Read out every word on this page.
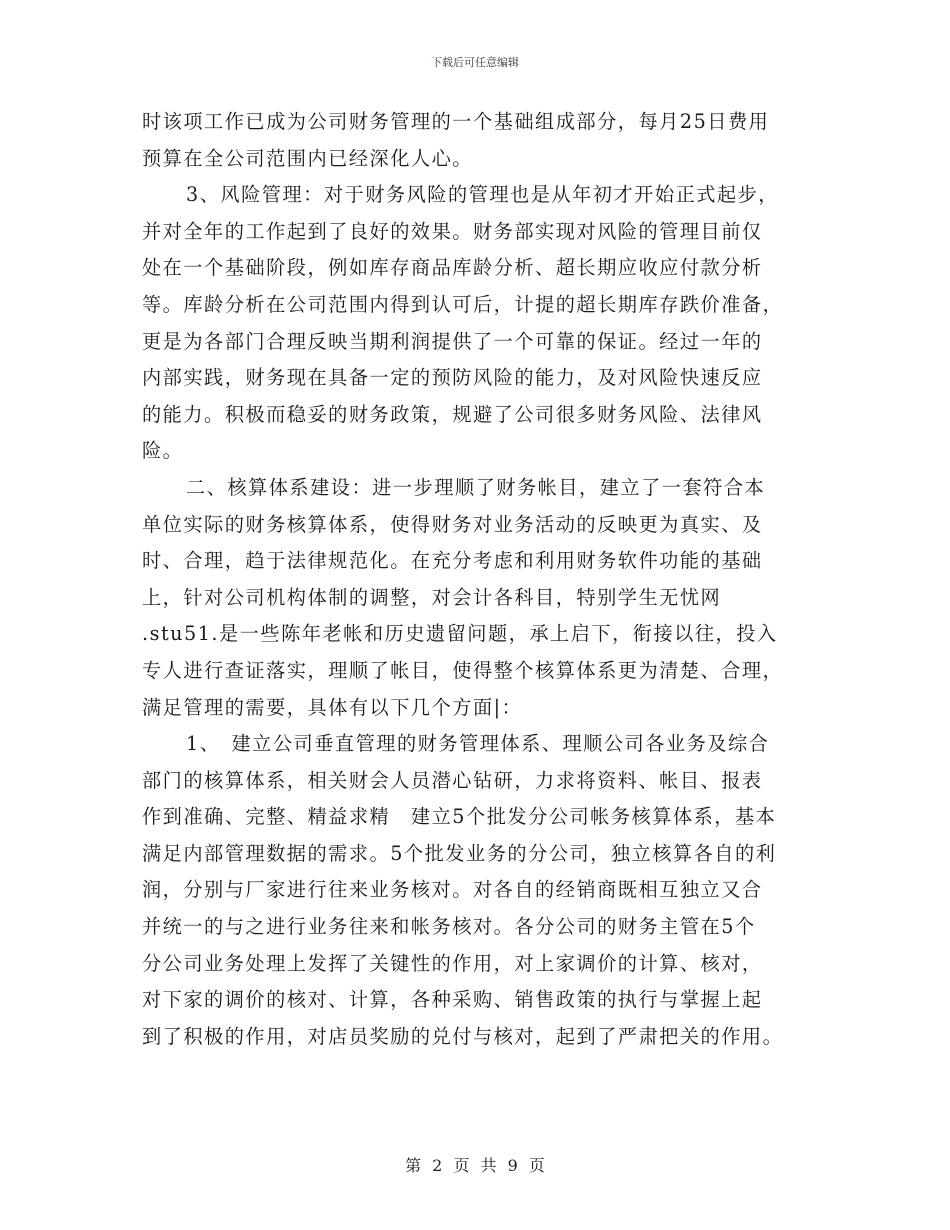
下载后可任意编辑
时该项工作已成为公司财务管理的一个基础组成部分，每月25日费用
预算在全公司范围内已经深化人心。
3、风险管理：对于财务风险的管理也是从年初才开始正式起步，
并对全年的工作起到了良好的效果。财务部实现对风险的管理目前仅
处在一个基础阶段，例如库存商品库龄分析、超长期应收应付款分析
等。库龄分析在公司范围内得到认可后，计提的超长期库存跌价准备，
更是为各部门合理反映当期利润提供了一个可靠的保证。经过一年的
内部实践，财务现在具备一定的预防风险的能力，及对风险快速反应
的能力。积极而稳妥的财务政策，规避了公司很多财务风险、法律风
险。
二、核算体系建设：进一步理顺了财务帐目，建立了一套符合本
单位实际的财务核算体系，使得财务对业务活动的反映更为真实、及
时、合理，趋于法律规范化。在充分考虑和利用财务软件功能的基础
上，针对公司机构体制的调整，对会计各科目，特别学生无忧网
.stu51.是一些陈年老帐和历史遗留问题，承上启下，衔接以往，投入
专人进行查证落实，理顺了帐目，使得整个核算体系更为清楚、合理，
满足管理的需要，具体有以下几个方面|：
1、　建立公司垂直管理的财务管理体系、理顺公司各业务及综合
部门的核算体系，相关财会人员潜心钻研，力求将资料、帐目、报表
作到准确、完整、精益求精　建立5个批发分公司帐务核算体系，基本
满足内部管理数据的需求。5个批发业务的分公司，独立核算各自的利
润，分别与厂家进行往来业务核对。对各自的经销商既相互独立又合
并统一的与之进行业务往来和帐务核对。各分公司的财务主管在5个
分公司业务处理上发挥了关键性的作用，对上家调价的计算、核对，
对下家的调价的核对、计算，各种采购、销售政策的执行与掌握上起
到了积极的作用，对店员奖励的兑付与核对，起到了严肃把关的作用。
第 2 页 共 9 页
